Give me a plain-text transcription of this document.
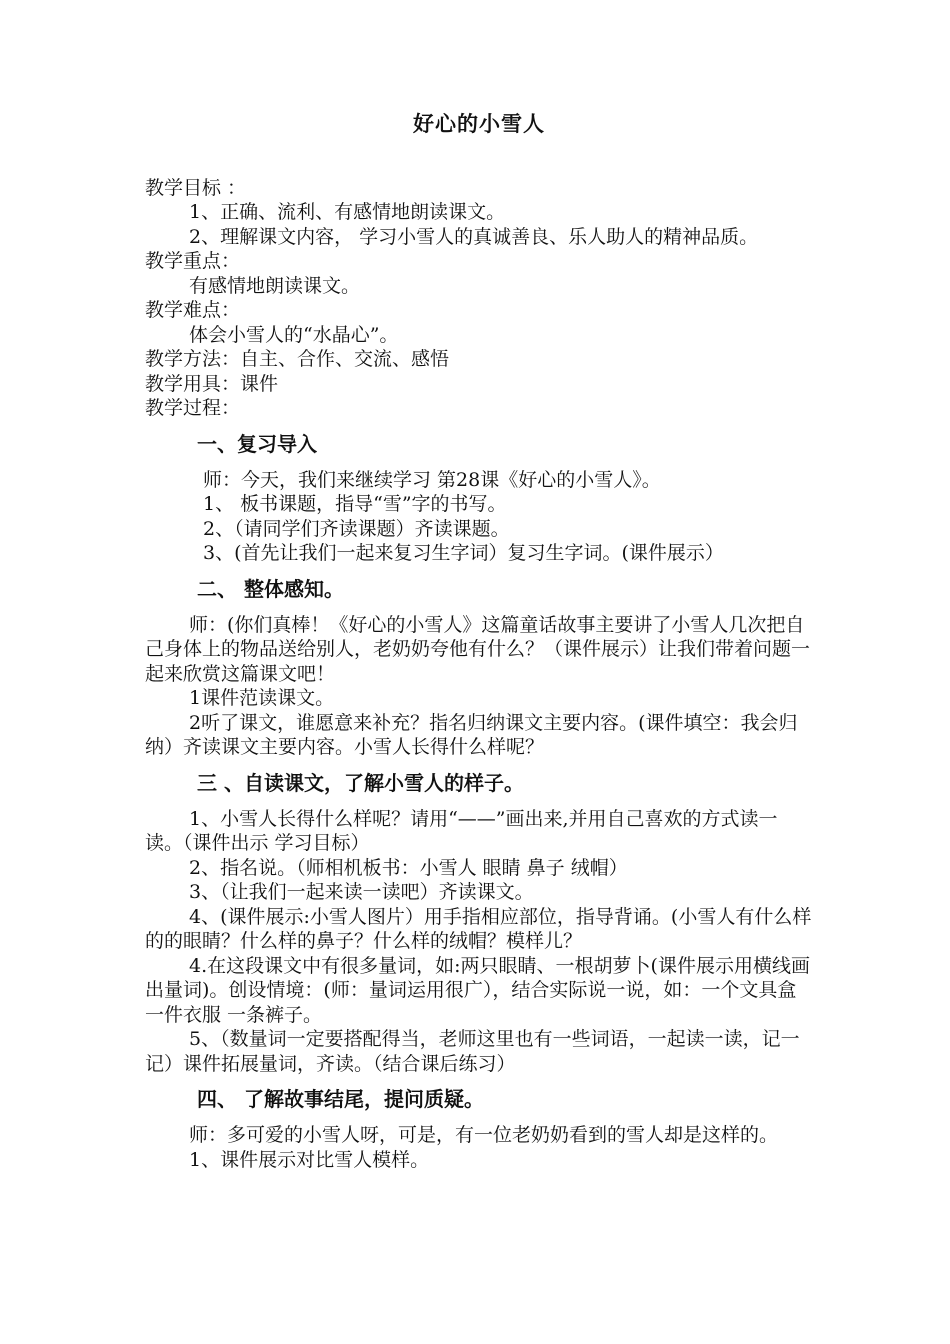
好心的小雪人

教学目标 ：

1、正确、流利、有感情地朗读课文。

2、理解课文内容， 学习小雪人的真诚善良、乐人助人的精神品质。

教学重点：

有感情地朗读课文。

教学难点：

体会小雪人的“水晶心”。

教学方法：自主、合作、交流、感悟

教学用具：课件

教学过程：

一、复习导入

师：今天，我们来继续学习 第28课《好心的小雪人》。

1、 板书课题，指导“雪”字的书写。

2、（请同学们齐读课题）齐读课题。

3、(首先让我们一起来复习生字词）复习生字词。(课件展示）

二、 整体感知。

师：(你们真棒！《好心的小雪人》这篇童话故事主要讲了小雪人几次把自己身体上的物品送给别人，老奶奶夸他有什么？（课件展示）让我们带着问题一起来欣赏这篇课文吧！

1课件范读课文。

2听了课文，谁愿意来补充？指名归纳课文主要内容。(课件填空：我会归纳）齐读课文主要内容。小雪人长得什么样呢？

三 、自读课文，了解小雪人的样子。

1、小雪人长得什么样呢？请用“——”画出来,并用自己喜欢的方式读一读。（课件出示 学习目标）

2、指名说。（师相机板书：小雪人 眼睛 鼻子 绒帽）

3、（让我们一起来读一读吧）齐读课文。

4、(课件展示:小雪人图片）用手指相应部位，指导背诵。(小雪人有什么样的的眼睛？什么样的鼻子？什么样的绒帽？模样儿？

4.在这段课文中有很多量词，如:两只眼睛、一根胡萝卜(课件展示用横线画出量词)。创设情境：(师：量词运用很广），结合实际说一说，如：一个文具盒 一件衣服 一条裤子。

5、（数量词一定要搭配得当，老师这里也有一些词语，一起读一读，记一记）课件拓展量词，齐读。（结合课后练习）

四、 了解故事结尾，提问质疑。

师：多可爱的小雪人呀，可是，有一位老奶奶看到的雪人却是这样的。

1、课件展示对比雪人模样。
